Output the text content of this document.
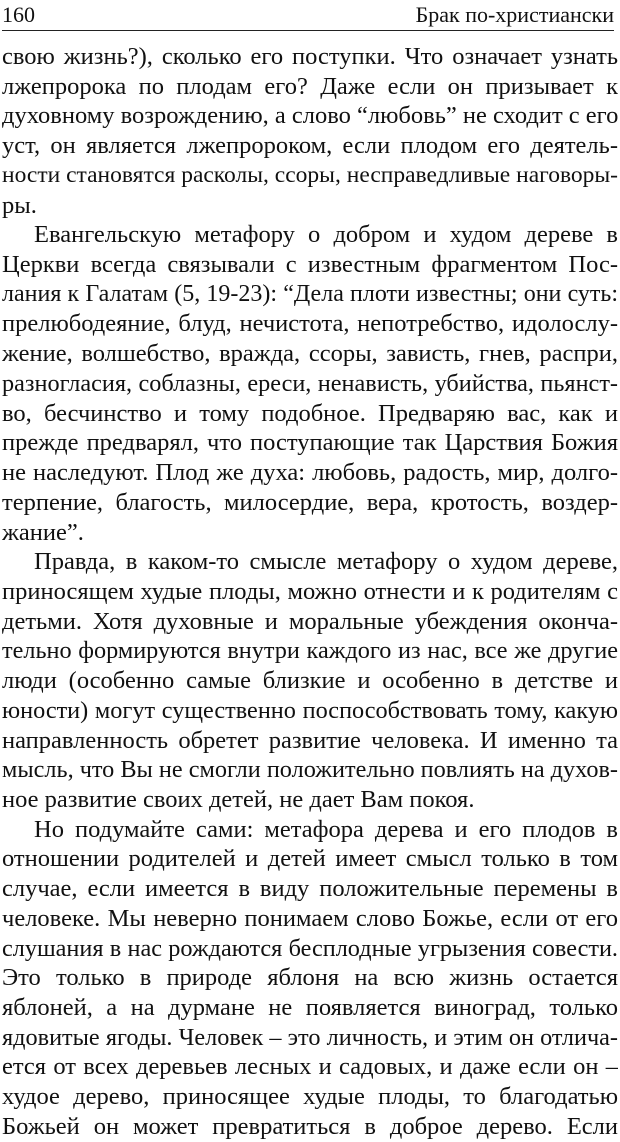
160	Брак по-христиански
свою жизнь?), сколько его поступки. Что означает узнать
лжепророка по плодам его? Даже если он призывает к
духовному возрождению, а слово “любовь” не сходит с его
уст, он является лжепророком, если плодом его деятель-
ности становятся расколы, ссоры, несправедливые наговоры-
ры.
Евангельскую метафору о добром и худом дереве в
Церкви всегда связывали с известным фрагментом Пос-
лания к Галатам (5, 19-23): “Дела плоти известны; они суть:
прелюбодеяние, блуд, нечистота, непотребство, идолослу-
жение, волшебство, вражда, ссоры, зависть, гнев, распри,
разногласия, соблазны, ереси, ненависть, убийства, пьянст-
во, бесчинство и тому подобное. Предваряю вас, как и
прежде предварял, что поступающие так Царствия Божия
не наследуют. Плод же духа: любовь, радость, мир, долго-
терпение, благость, милосердие, вера, кротость, воздер-
жание”.
Правда, в каком-то смысле метафору о худом дереве,
приносящем худые плоды, можно отнести и к родителям с
детьми. Хотя духовные и моральные убеждения оконча-
тельно формируются внутри каждого из нас, все же другие
люди (особенно самые близкие и особенно в детстве и
юности) могут существенно поспособствовать тому, какую
направленность обретет развитие человека. И именно та
мысль, что Вы не смогли положительно повлиять на духов-
ное развитие своих детей, не дает Вам покоя.
Но подумайте сами: метафора дерева и его плодов в
отношении родителей и детей имеет смысл только в том
случае, если имеется в виду положительные перемены в
человеке. Мы неверно понимаем слово Божье, если от его
слушания в нас рождаются бесплодные угрызения совести.
Это только в природе яблоня на всю жизнь остается
яблоней, а на дурмане не появляется виноград, только
ядовитые ягоды. Человек – это личность, и этим он отлича-
ется от всех деревьев лесных и садовых, и даже если он –
худое дерево, приносящее худые плоды, то благодатью
Божьей он может превратиться в доброе дерево. Если
